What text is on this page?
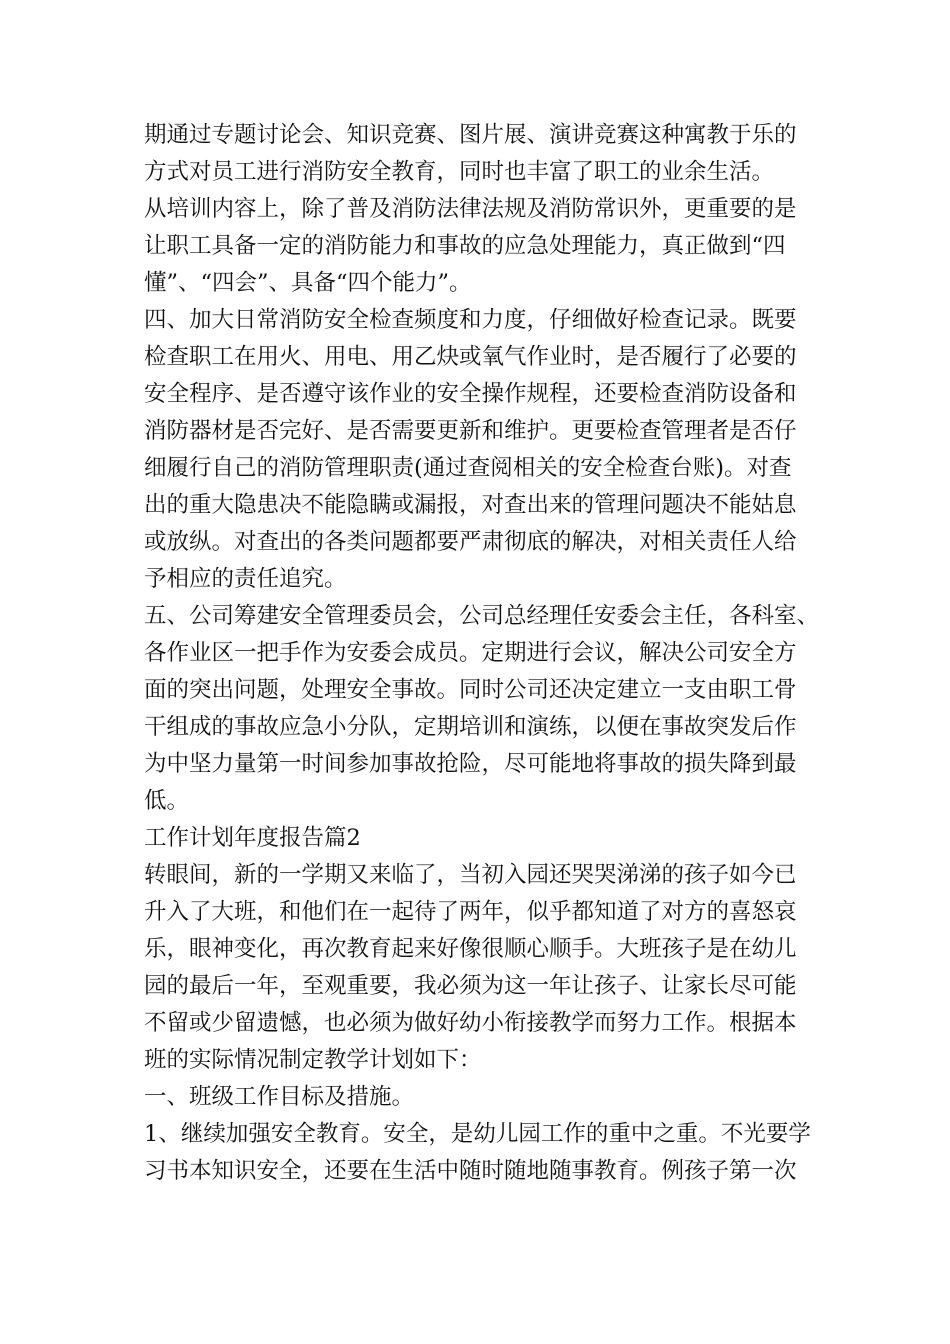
期通过专题讨论会、知识竞赛、图片展、演讲竞赛这种寓教于乐的
方式对员工进行消防安全教育，同时也丰富了职工的业余生活。
从培训内容上，除了普及消防法律法规及消防常识外，更重要的是
让职工具备一定的消防能力和事故的应急处理能力，真正做到“四
懂”、“四会”、具备“四个能力”。
四、加大日常消防安全检查频度和力度，仔细做好检查记录。既要
检查职工在用火、用电、用乙炔或氧气作业时，是否履行了必要的
安全程序、是否遵守该作业的安全操作规程，还要检查消防设备和
消防器材是否完好、是否需要更新和维护。更要检查管理者是否仔
细履行自己的消防管理职责(通过查阅相关的安全检查台账)。对查
出的重大隐患决不能隐瞒或漏报，对查出来的管理问题决不能姑息
或放纵。对查出的各类问题都要严肃彻底的解决，对相关责任人给
予相应的责任追究。
五、公司筹建安全管理委员会，公司总经理任安委会主任，各科室、
各作业区一把手作为安委会成员。定期进行会议，解决公司安全方
面的突出问题，处理安全事故。同时公司还决定建立一支由职工骨
干组成的事故应急小分队，定期培训和演练，以便在事故突发后作
为中坚力量第一时间参加事故抢险，尽可能地将事故的损失降到最
低。
工作计划年度报告篇2
转眼间，新的一学期又来临了，当初入园还哭哭涕涕的孩子如今已
升入了大班，和他们在一起待了两年，似乎都知道了对方的喜怒哀
乐，眼神变化，再次教育起来好像很顺心顺手。大班孩子是在幼儿
园的最后一年，至观重要，我必须为这一年让孩子、让家长尽可能
不留或少留遗憾，也必须为做好幼小衔接教学而努力工作。根据本
班的实际情况制定教学计划如下：
一、班级工作目标及措施。
1、继续加强安全教育。安全，是幼儿园工作的重中之重。不光要学
习书本知识安全，还要在生活中随时随地随事教育。例孩子第一次
